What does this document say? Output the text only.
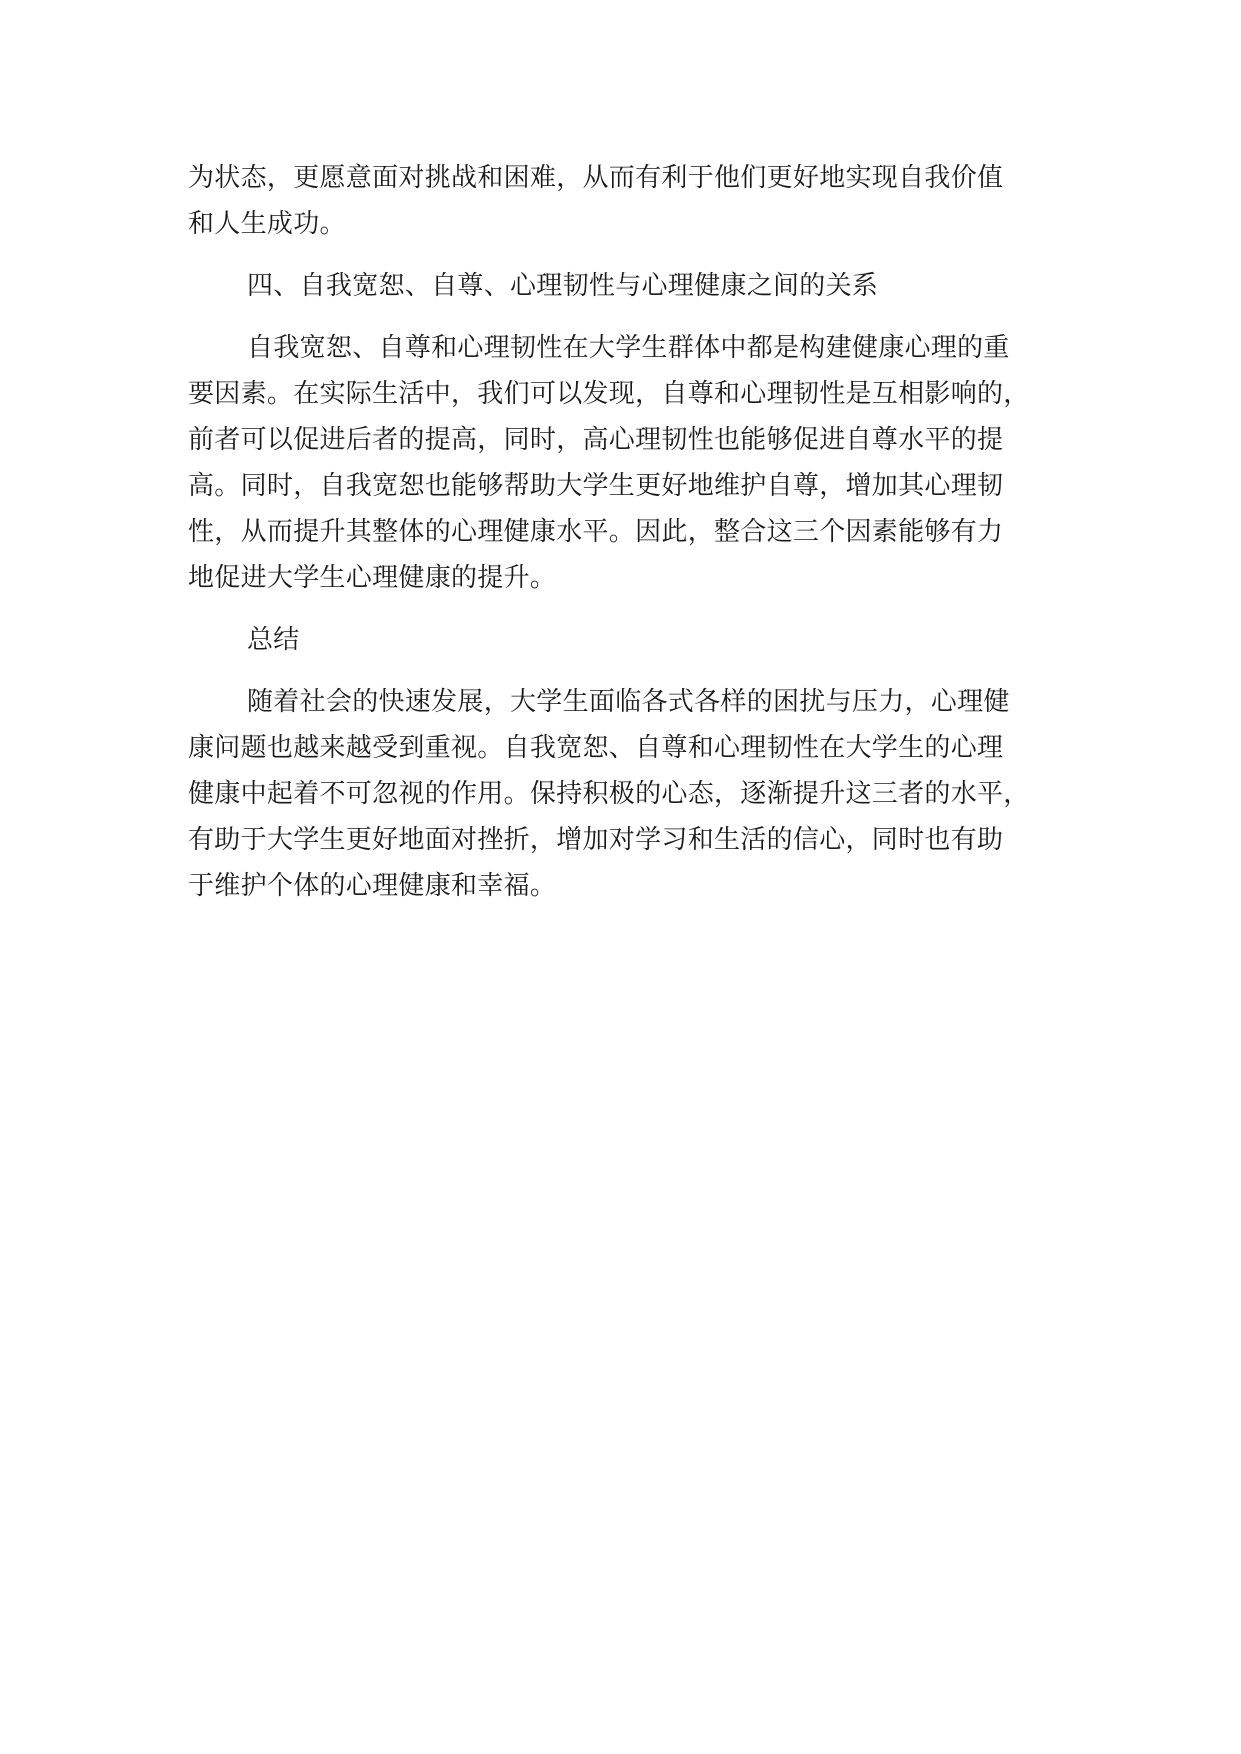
为状态，更愿意面对挑战和困难，从而有利于他们更好地实现自我价值
和人生成功。
四、自我宽恕、自尊、心理韧性与心理健康之间的关系
自我宽恕、自尊和心理韧性在大学生群体中都是构建健康心理的重
要因素。在实际生活中，我们可以发现，自尊和心理韧性是互相影响的，
前者可以促进后者的提高，同时，高心理韧性也能够促进自尊水平的提
高。同时，自我宽恕也能够帮助大学生更好地维护自尊，增加其心理韧
性，从而提升其整体的心理健康水平。因此，整合这三个因素能够有力
地促进大学生心理健康的提升。
总结
随着社会的快速发展，大学生面临各式各样的困扰与压力，心理健
康问题也越来越受到重视。自我宽恕、自尊和心理韧性在大学生的心理
健康中起着不可忽视的作用。保持积极的心态，逐渐提升这三者的水平，
有助于大学生更好地面对挫折，增加对学习和生活的信心，同时也有助
于维护个体的心理健康和幸福。
